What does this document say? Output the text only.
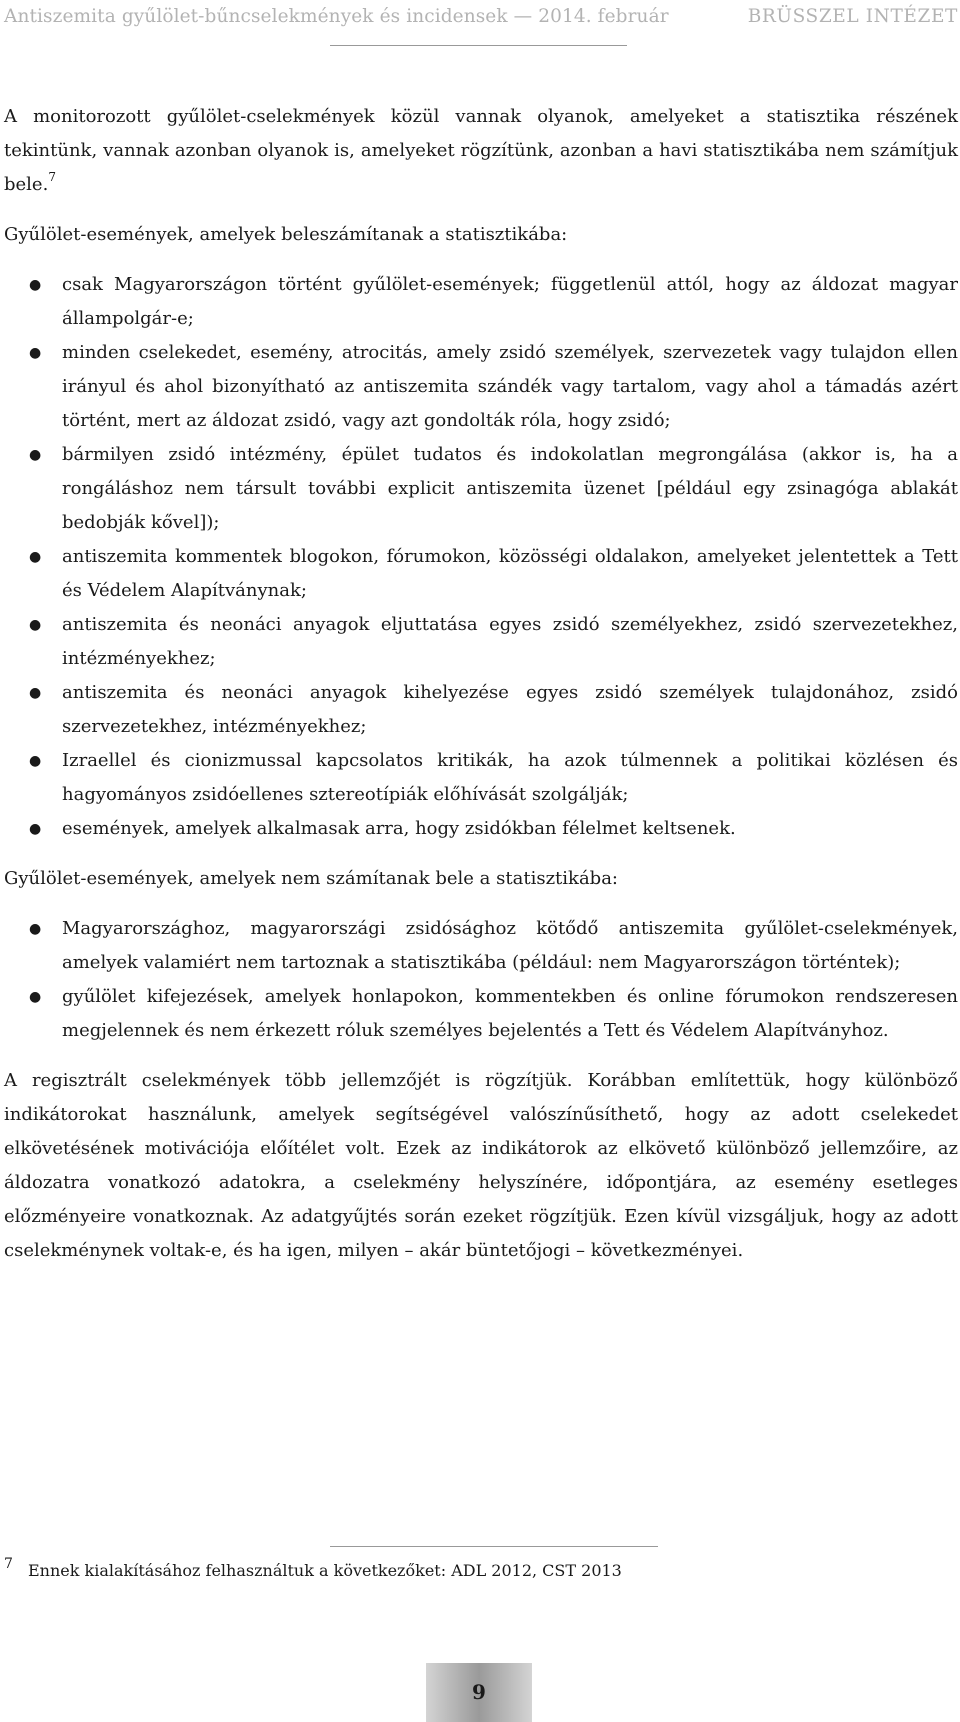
Antiszemita gyűlölet-bűncselekmények és incidensek — 2014. február	BRÜSSZEL INTÉZET

A monitorozott gyűlölet-cselekmények közül vannak olyanok, amelyeket a statisztika részének tekintünk, vannak azonban olyanok is, amelyeket rögzítünk, azonban a havi statisztikába nem számítjuk bele.$^7$

Gyűlölet-események, amelyek beleszámítanak a statisztikába:

● csak Magyarországon történt gyűlölet-események; függetlenül attól, hogy az áldozat magyar állampolgár-e;
● minden cselekedet, esemény, atrocitás, amely zsidó személyek, szervezetek vagy tulajdon ellen irányul és ahol bizonyítható az antiszemita szándék vagy tartalom, vagy ahol a támadás azért történt, mert az áldozat zsidó, vagy azt gondolták róla, hogy zsidó;
● bármilyen zsidó intézmény, épület tudatos és indokolatlan megrongálása (akkor is, ha a rongáláshoz nem társult további explicit antiszemita üzenet [például egy zsinagóga ablakát bedobják kővel]);
● antiszemita kommentek blogokon, fórumokon, közösségi oldalakon, amelyeket jelentettek a Tett és Védelem Alapítványnak;
● antiszemita és neonáci anyagok eljuttatása egyes zsidó személyekhez, zsidó szervezetekhez, intézményekhez;
● antiszemita és neonáci anyagok kihelyezése egyes zsidó személyek tulajdonához, zsidó szervezetekhez, intézményekhez;
● Izraellel és cionizmussal kapcsolatos kritikák, ha azok túlmennek a politikai közlésen és hagyományos zsidóellenes sztereotípiák előhívását szolgálják;
● események, amelyek alkalmasak arra, hogy zsidókban félelmet keltsenek.

Gyűlölet-események, amelyek nem számítanak bele a statisztikába:

● Magyarországhoz, magyarországi zsidósághoz kötődő antiszemita gyűlölet-cselekmények, amelyek valamiért nem tartoznak a statisztikába (például: nem Magyarországon történtek);
● gyűlölet kifejezések, amelyek honlapokon, kommentekben és online fórumokon rendszeresen megjelennek és nem érkezett róluk személyes bejelentés a Tett és Védelem Alapítványhoz.

A regisztrált cselekmények több jellemzőjét is rögzítjük. Korábban említettük, hogy különböző indikátorokat használunk, amelyek segítségével valószínűsíthető, hogy az adott cselekedet elkövetésének motivációja előítélet volt. Ezek az indikátorok az elkövető különböző jellemzőire, az áldozatra vonatkozó adatokra, a cselekmény helyszínére, időpontjára, az esemény esetleges előzményeire vonatkoznak. Az adatgyűjtés során ezeket rögzítjük. Ezen kívül vizsgáljuk, hogy az adott cselekménynek voltak-e, és ha igen, milyen – akár büntetőjogi – következményei.

7 Ennek kialakításához felhasználtuk a következőket: ADL 2012, CST 2013
9
